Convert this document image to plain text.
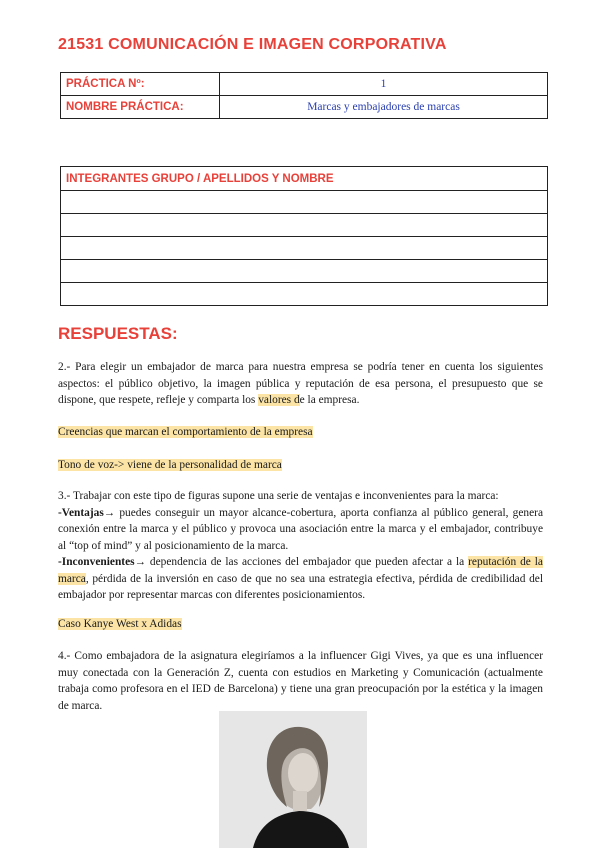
21531 COMUNICACIÓN E IMAGEN CORPORATIVA
PRÁCTICA Nº:	1
NOMBRE PRÁCTICA:	Marcas y embajadores de marcas
INTEGRANTES GRUPO / APELLIDOS Y NOMBRE

RESPUESTAS:
2.- Para elegir un embajador de marca para nuestra empresa se podría tener en cuenta los siguientes aspectos: el público objetivo, la imagen pública y reputación de esa persona, el presupuesto que se dispone, que respete, refleje y comparta los valores de la empresa.
Creencias que marcan el comportamiento de la empresa
Tono de voz-> viene de la personalidad de marca
3.- Trabajar con este tipo de figuras supone una serie de ventajas e inconvenientes para la marca:
-Ventajas→ puedes conseguir un mayor alcance-cobertura, aporta confianza al público general, genera conexión entre la marca y el público y provoca una asociación entre la marca y el embajador, contribuye al “top of mind” y al posicionamiento de la marca.
-Inconvenientes→ dependencia de las acciones del embajador que pueden afectar a la reputación de la marca, pérdida de la inversión en caso de que no sea una estrategia efectiva, pérdida de credibilidad del embajador por representar marcas con diferentes posicionamientos.
Caso Kanye West x Adidas
4.- Como embajadora de la asignatura elegiríamos a la influencer Gigi Vives, ya que es una influencer muy conectada con la Generación Z, cuenta con estudios en Marketing y Comunicación (actualmente trabaja como profesora en el IED de Barcelona) y tiene una gran preocupación por la estética y la imagen de marca.
